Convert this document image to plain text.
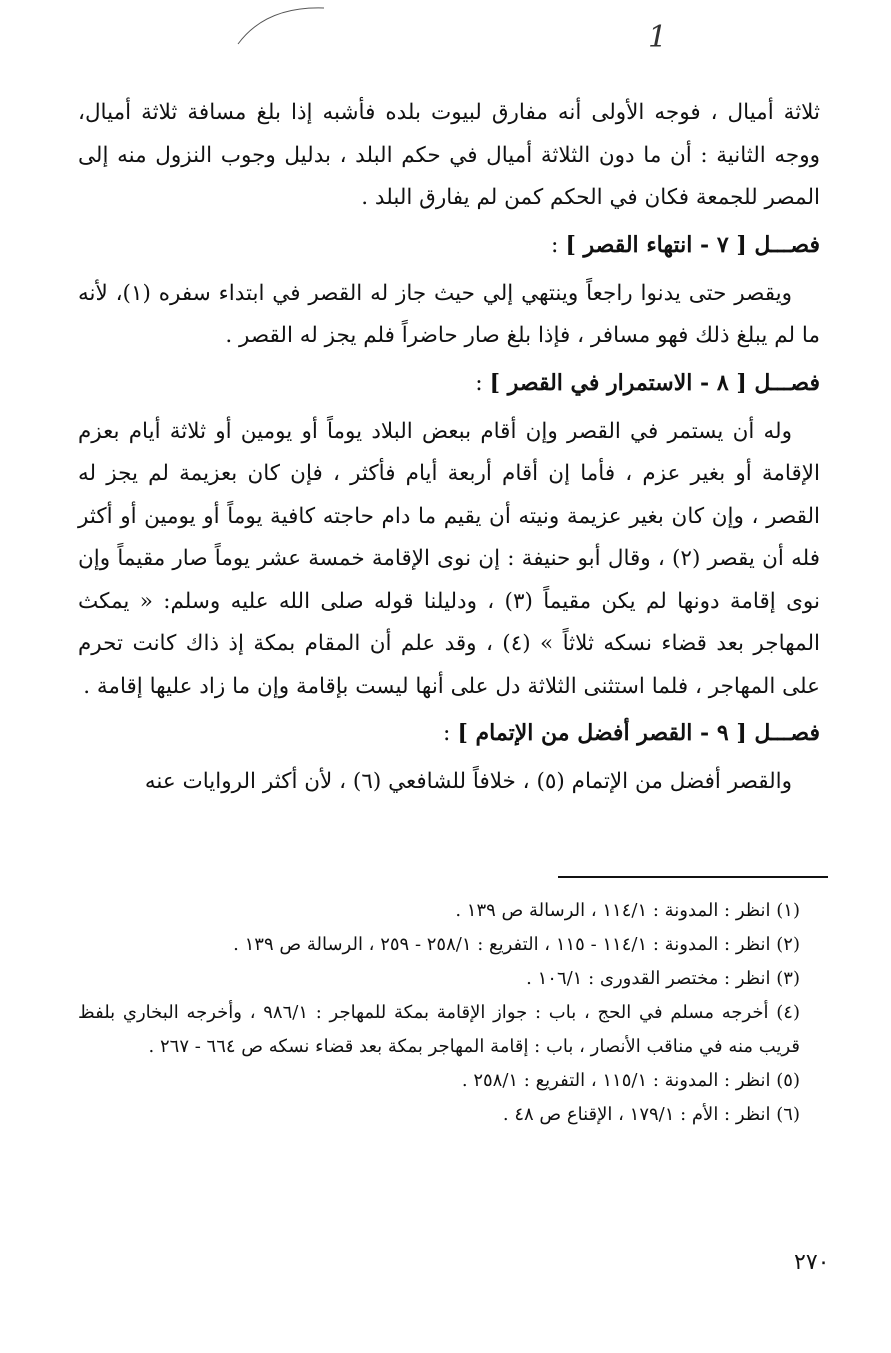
1

ثلاثة أميال ، فوجه الأولى أنه مفارق لبيوت بلده فأشبه إذا بلغ مسافة ثلاثة أميال، ووجه الثانية : أن ما دون الثلاثة أميال في حكم البلد ، بدليل وجوب النزول منه إلى المصر للجمعة فكان في الحكم كمن لم يفارق البلد .

فصـــل [ ٧ - انتهاء القصر ] :

ويقصر حتى يدنوا راجعاً وينتهي إلي حيث جاز له القصر في ابتداء سفره (١)، لأنه ما لم يبلغ ذلك فهو مسافر ، فإذا بلغ صار حاضراً فلم يجز له القصر .

فصـــل [ ٨ - الاستمرار في القصر ] :

وله أن يستمر في القصر وإن أقام ببعض البلاد يوماً أو يومين أو ثلاثة أيام بعزم الإقامة أو بغير عزم ، فأما إن أقام أربعة أيام فأكثر ، فإن كان بعزيمة لم يجز له القصر ، وإن كان بغير عزيمة ونيته أن يقيم ما دام حاجته كافية يوماً أو يومين أو أكثر فله أن يقصر (٢) ، وقال أبو حنيفة : إن نوى الإقامة خمسة عشر يوماً صار مقيماً وإن نوى إقامة دونها لم يكن مقيماً (٣) ، ودليلنا قوله صلى الله عليه وسلم: « يمكث المهاجر بعد قضاء نسكه ثلاثاً » (٤) ، وقد علم أن المقام بمكة إذ ذاك كانت تحرم على المهاجر ، فلما استثنى الثلاثة دل على أنها ليست بإقامة وإن ما زاد عليها إقامة .

فصـــل [ ٩ - القصر أفضل من الإتمام ] :

والقصر أفضل من الإتمام (٥) ، خلافاً للشافعي (٦) ، لأن أكثر الروايات عنه

(١) انظر : المدونة : ١١٤/١ ، الرسالة ص ١٣٩ .

(٢) انظر : المدونة : ١١٤/١ - ١١٥ ، التفريع : ٢٥٨/١ - ٢٥٩ ، الرسالة ص ١٣٩ .

(٣) انظر : مختصر القدورى : ١٠٦/١ .

(٤) أخرجه مسلم في الحج ، باب : جواز الإقامة بمكة للمهاجر : ٩٨٦/١ ، وأخرجه البخاري بلفظ قريب منه في مناقب الأنصار ، باب : إقامة المهاجر بمكة بعد قضاء نسكه ص ٦٦٤ - ٢٦٧ .

(٥) انظر : المدونة : ١١٥/١ ، التفريع : ٢٥٨/١ .

(٦) انظر : الأم : ١٧٩/١ ، الإقناع ص ٤٨ .

٢٧٠
